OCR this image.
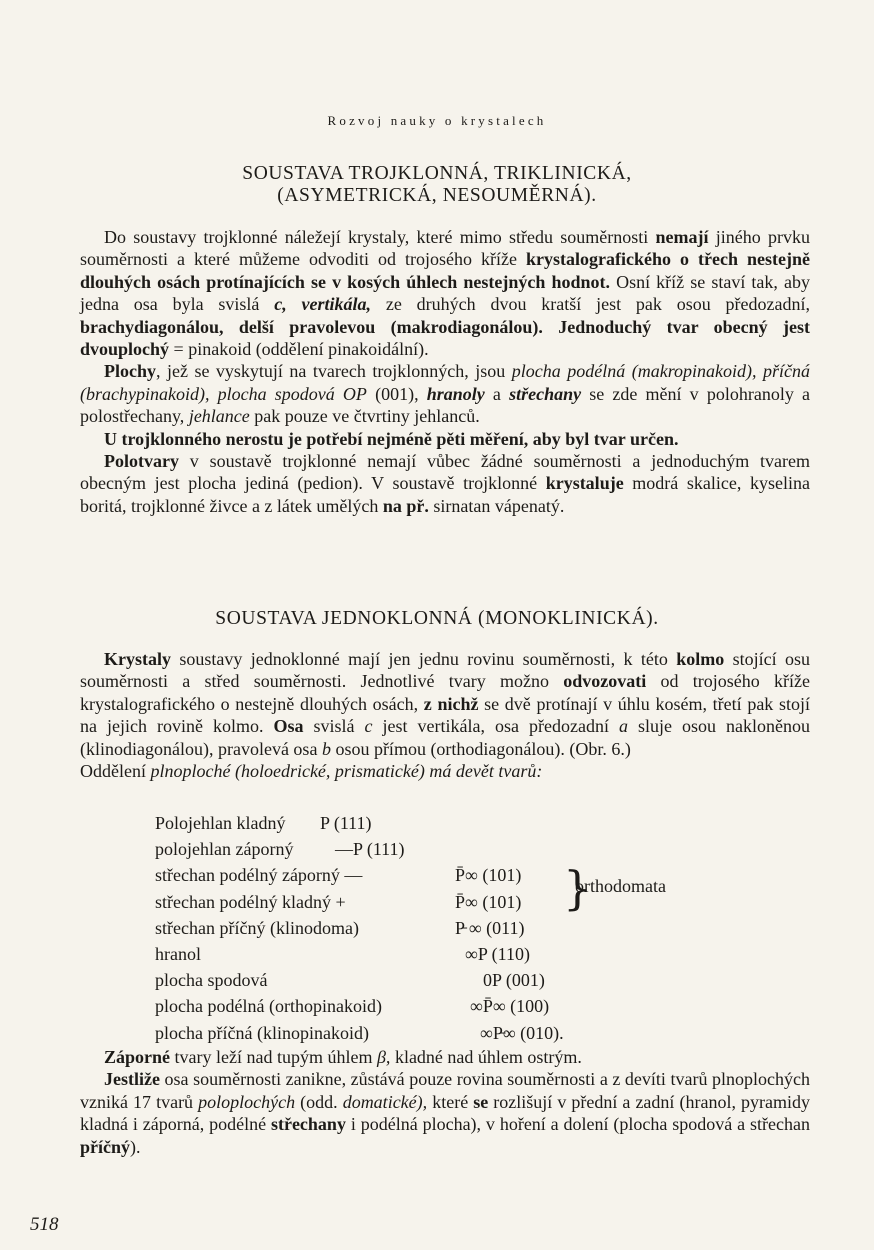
Rozvoj nauky o krystalech
SOUSTAVA TROJKLONNÁ, TRIKLINICKÁ,
(ASYMETRICKÁ, NESOUMĚRNÁ).

Do soustavy trojklonné náležejí krystaly, které mimo středu souměrnosti nemají jiného prvku souměrnosti a které můžeme odvoditi od trojosého kříže krystalografického o třech nestejně dlouhých osách protínajících se v kosých úhlech nestejných hodnot. Osní kříž se staví tak, aby jedna osa byla svislá c, vertikála, ze druhých dvou kratší jest pak osou předozadní, brachydiagonálou, delší pravolevou (makrodiagonálou). Jednoduchý tvar obecný jest dvouplochý = pinakoid (oddělení pinakoidální).

Plochy, jež se vyskytují na tvarech trojklonných, jsou plocha podélná (makropinakoid), příčná (brachypinakoid), plocha spodová OP (001), hranoly a střechany se zde mění v polohranoly a polostřechany, jehlance pak pouze ve čtvrtiny jehlanců.

U trojklonného nerostu je potřebí nejméně pěti měření, aby byl tvar určen.

Polotvary v soustavě trojklonné nemají vůbec žádné souměrnosti a jednoduchým tvarem obecným jest plocha jediná (pedion). V soustavě trojklonné krystaluje modrá skalice, kyselina boritá, trojklonné živce a z látek umělých na př. sirnatan vápenatý.

SOUSTAVA JEDNOKLONNÁ (MONOKLINICKÁ).

Krystaly soustavy jednoklonné mají jen jednu rovinu souměrnosti, k této kolmo stojící osu souměrnosti a střed souměrnosti. Jednotlivé tvary možno odvozovati od trojosého kříže krystalografického o nestejně dlouhých osách, z nichž se dvě protínají v úhlu kosém, třetí pak stojí na jejich rovině kolmo. Osa svislá c jest vertikála, osa předozadní a sluje osou nakloněnou (klinodiagonálou), pravolevá osa b osou přímou (orthodiagonálou). (Obr. 6.)

Oddělení plnoploché (holoedrické, prismatické) má devět tvarů:

Polojehlan kladný P (111)
polojehlan záporný —P (111)
střechan podélný záporný —	P̄∞ (101)
střechan podélný kladný +	P̄∞ (101)
střechan příčný (klinodoma)	P̵ ∞ (011)
hranol	∞P (110)
plocha spodová	0P (001)
plocha podélná (orthopinakoid)	∞P̄∞ (100)
plocha příčná (klinopinakoid)	∞P̵∞ (010).
}
orthodomata

Záporné tvary leží nad tupým úhlem β, kladné nad úhlem ostrým.

Jestliže osa souměrnosti zanikne, zůstává pouze rovina souměrnosti a z devíti tvarů plnoplochých vzniká 17 tvarů poloplochých (odd. domatické), které se rozlišují v přední a zadní (hranol, pyramidy kladná i záporná, podélné střechany i podélná plocha), v hoření a dolení (plocha spodová a střechan příčný).

518
